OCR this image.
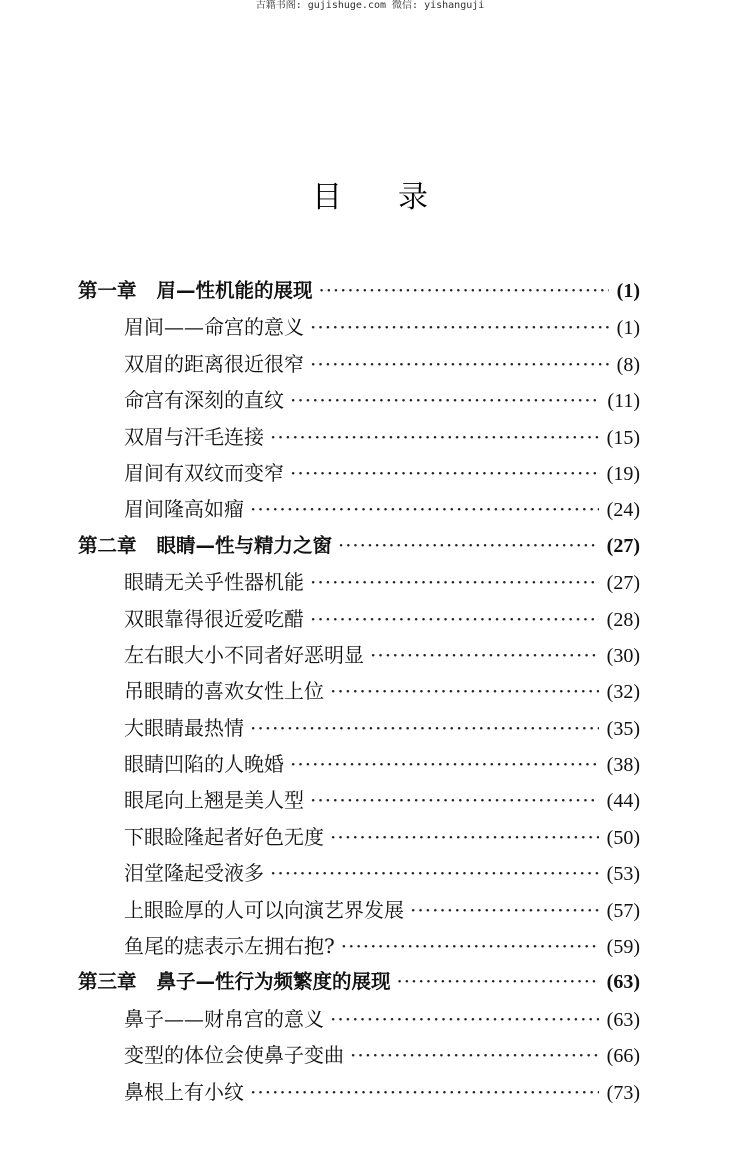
古籍书阁: gujishuge.com 微信: yishanguji
目录
第一章 眉—性机能的展现 ·····	(1)
眉间——命宫的意义 ·····	(1)
双眉的距离很近很窄 ·····	(8)
命宫有深刻的直纹 ·····	(11)
双眉与汗毛连接 ·····	(15)
眉间有双纹而变窄 ·····	(19)
眉间隆高如瘤 ·····	(24)
第二章 眼睛—性与精力之窗 ·····	(27)
眼睛无关乎性器机能 ·····	(27)
双眼靠得很近爱吃醋 ·····	(28)
左右眼大小不同者好恶明显 ·····	(30)
吊眼睛的喜欢女性上位 ·····	(32)
大眼睛最热情 ·····	(35)
眼睛凹陷的人晚婚 ·····	(38)
眼尾向上翘是美人型 ·····	(44)
下眼睑隆起者好色无度 ·····	(50)
泪堂隆起受液多 ·····	(53)
上眼睑厚的人可以向演艺界发展 ·····	(57)
鱼尾的痣表示左拥右抱? ·····	(59)
第三章 鼻子—性行为频繁度的展现 ·····	(63)
鼻子——财帛宫的意义 ·····	(63)
变型的体位会使鼻子变曲 ·····	(66)
鼻根上有小纹 ·····	(73)
